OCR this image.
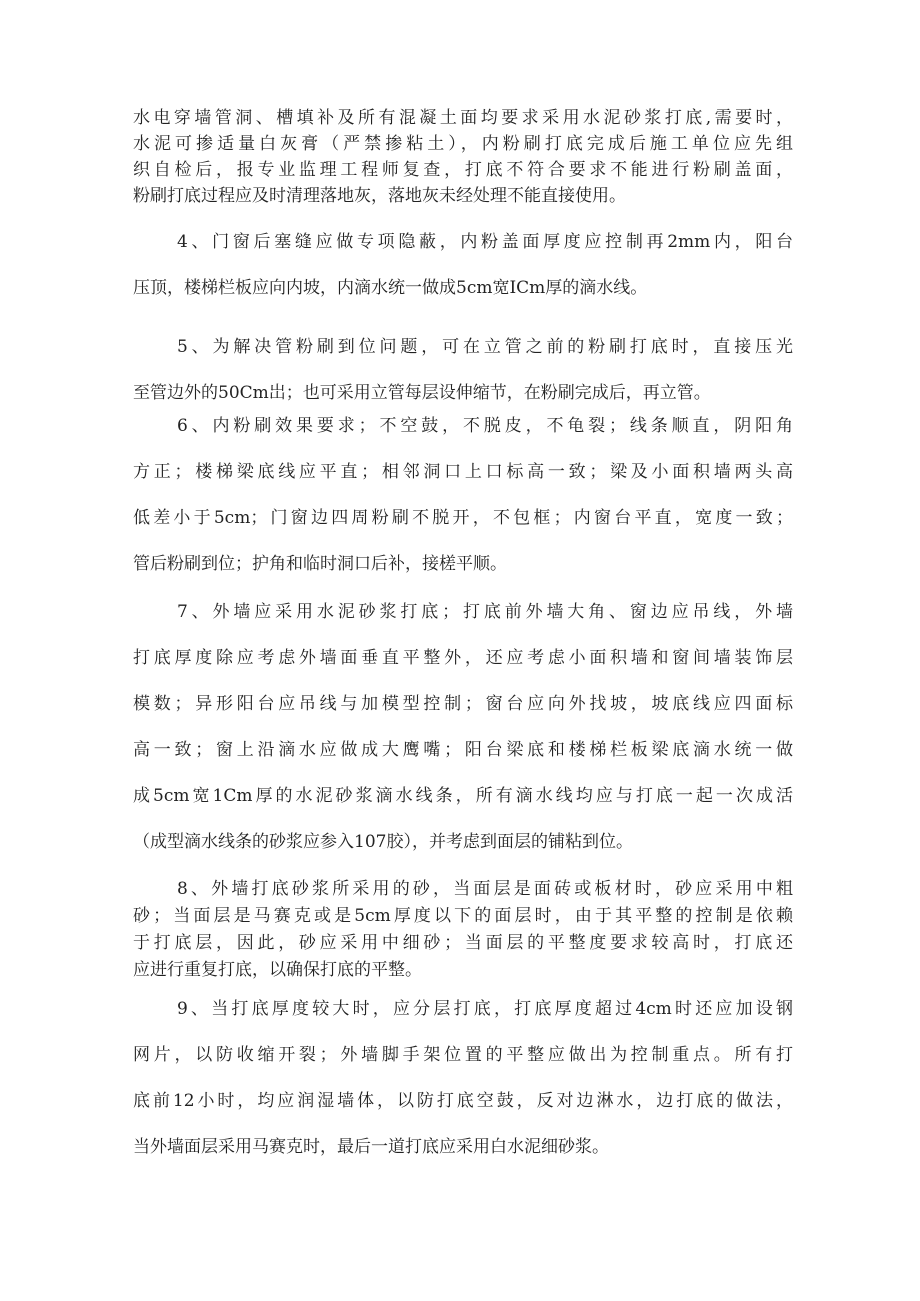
水电穿墙管洞、槽填补及所有混凝土面均要求采用水泥砂浆打底,需要时，
水泥可掺适量白灰膏（严禁掺粘土），内粉刷打底完成后施工单位应先组
织自检后，报专业监理工程师复查，打底不符合要求不能进行粉刷盖面，
粉刷打底过程应及时清理落地灰，落地灰未经处理不能直接使用。
4、门窗后塞缝应做专项隐蔽，内粉盖面厚度应控制再2mm内，阳台
压顶，楼梯栏板应向内坡，内滴水统一做成5cm宽ICm厚的滴水线。
5、为解决管粉刷到位问题，可在立管之前的粉刷打底时，直接压光
至管边外的50Cm岀；也可采用立管每层设伸缩节，在粉刷完成后，再立管。
6、内粉刷效果要求；不空鼓，不脱皮，不龟裂；线条顺直，阴阳角
方正；楼梯梁底线应平直；相邻洞口上口标高一致；梁及小面积墙两头高
低差小于5cm；门窗边四周粉刷不脱开，不包框；内窗台平直，宽度一致；
管后粉刷到位；护角和临时洞口后补，接槎平顺。
7、外墙应采用水泥砂浆打底；打底前外墙大角、窗边应吊线，外墙
打底厚度除应考虑外墙面垂直平整外，还应考虑小面积墙和窗间墙装饰层
模数；异形阳台应吊线与加模型控制；窗台应向外找坡，坡底线应四面标
高一致；窗上沿滴水应做成大鹰嘴；阳台梁底和楼梯栏板梁底滴水统一做
成5cm宽1Cm厚的水泥砂浆滴水线条，所有滴水线均应与打底一起一次成活
（成型滴水线条的砂浆应参入107胶），并考虑到面层的铺粘到位。
8、外墙打底砂浆所采用的砂，当面层是面砖或板材时，砂应采用中粗
砂；当面层是马赛克或是5cm厚度以下的面层时，由于其平整的控制是依赖
于打底层，因此，砂应采用中细砂；当面层的平整度要求较高时，打底还
应进行重复打底，以确保打底的平整。
9、当打底厚度较大时，应分层打底，打底厚度超过4cm时还应加设钢
网片，以防收缩开裂；外墙脚手架位置的平整应做出为控制重点。所有打
底前12小时，均应润湿墙体，以防打底空鼓，反对边淋水，边打底的做法，
当外墙面层采用马赛克时，最后一道打底应采用白水泥细砂浆。
